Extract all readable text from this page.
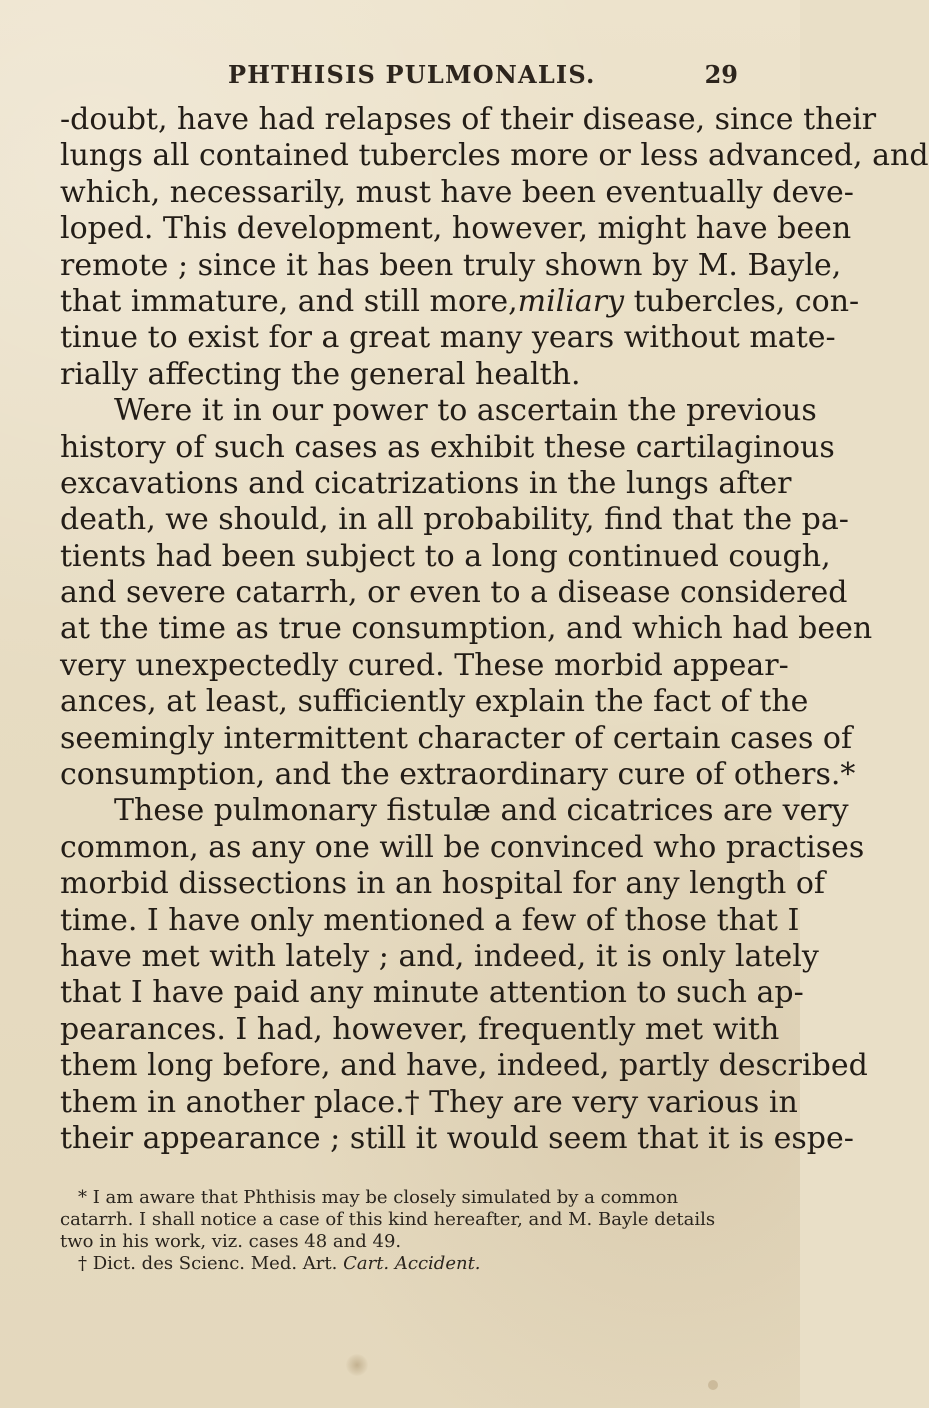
PHTHISIS PULMONALIS.	29
-doubt, have had relapses of their disease, since their
lungs all contained tubercles more or less advanced, and
which, necessarily, must have been eventually deve-
loped. This development, however, might have been
remote ; since it has been truly shown by M. Bayle,
that immature, and still more,miliary tubercles, con-
tinue to exist for a great many years without mate-
rially affecting the general health.
Were it in our power to ascertain the previous
history of such cases as exhibit these cartilaginous
excavations and cicatrizations in the lungs after
death, we should, in all probability, find that the pa-
tients had been subject to a long continued cough,
and severe catarrh, or even to a disease considered
at the time as true consumption, and which had been
very unexpectedly cured. These morbid appear-
ances, at least, sufficiently explain the fact of the
seemingly intermittent character of certain cases of
consumption, and the extraordinary cure of others.*
These pulmonary fistulæ and cicatrices are very
common, as any one will be convinced who practises
morbid dissections in an hospital for any length of
time. I have only mentioned a few of those that I
have met with lately ; and, indeed, it is only lately
that I have paid any minute attention to such ap-
pearances. I had, however, frequently met with
them long before, and have, indeed, partly described
them in another place.† They are very various in
their appearance ; still it would seem that it is espe-
* I am aware that Phthisis may be closely simulated by a common
catarrh. I shall notice a case of this kind hereafter, and M. Bayle details
two in his work, viz. cases 48 and 49.
† Dict. des Scienc. Med. Art. Cart. Accident.
